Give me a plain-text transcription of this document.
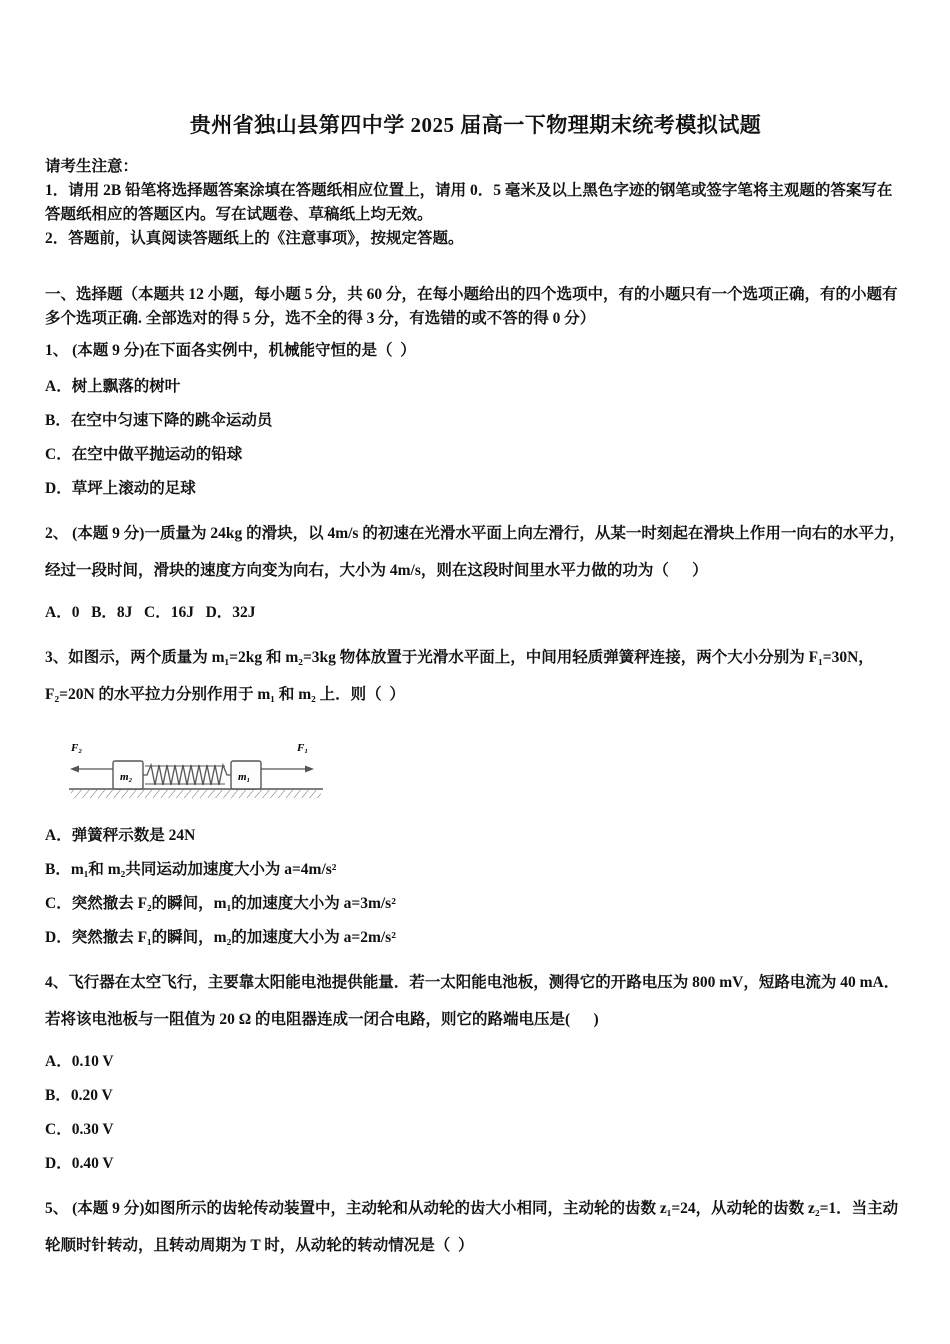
贵州省独山县第四中学 2025 届高一下物理期末统考模拟试题

请考生注意：

1．请用 2B 铅笔将选择题答案涂填在答题纸相应位置上，请用 0．5 毫米及以上黑色字迹的钢笔或签字笔将主观题的答案写在答题纸相应的答题区内。写在试题卷、草稿纸上均无效。

2．答题前，认真阅读答题纸上的《注意事项》，按规定答题。

一、选择题（本题共 12 小题，每小题 5 分，共 60 分，在每小题给出的四个选项中，有的小题只有一个选项正确，有的小题有多个选项正确. 全部选对的得 5 分，选不全的得 3 分，有选错的或不答的得 0 分）

1、 (本题 9 分)在下面各实例中，机械能守恒的是（  ）

A．树上飘落的树叶

B．在空中匀速下降的跳伞运动员

C．在空中做平抛运动的铅球

D．草坪上滚动的足球

2、 (本题 9 分)一质量为 24kg 的滑块，以 4m/s 的初速在光滑水平面上向左滑行，从某一时刻起在滑块上作用一向右的水平力，经过一段时间，滑块的速度方向变为向右，大小为 4m/s，则在这段时间里水平力做的功为（      ）

A．0   B．8J   C．16J   D．32J

3、如图示，两个质量为 m₁=2kg 和 m₂=3kg 物体放置于光滑水平面上，中间用轻质弹簧秤连接，两个大小分别为 F₁=30N，F₂=20N 的水平拉力分别作用于 m₁ 和 m₂ 上．则（  ）

F₂
m₂	m₁
F₁

A．弹簧秤示数是 24N

B．m₁和 m₂共同运动加速度大小为 a=4m/s²

C．突然撤去 F₂的瞬间，m₁的加速度大小为 a=3m/s²

D．突然撤去 F₁的瞬间，m₂的加速度大小为 a=2m/s²

4、飞行器在太空飞行，主要靠太阳能电池提供能量．若一太阳能电池板，测得它的开路电压为 800 mV，短路电流为 40 mA．若将该电池板与一阻值为 20 Ω 的电阻器连成一闭合电路，则它的路端电压是(      )

A．0.10 V

B．0.20 V

C．0.30 V

D．0.40 V

5、 (本题 9 分)如图所示的齿轮传动装置中，主动轮和从动轮的齿大小相同，主动轮的齿数 z₁=24，从动轮的齿数 z₂=1．当主动轮顺时针转动，且转动周期为 T 时，从动轮的转动情况是（  ）
